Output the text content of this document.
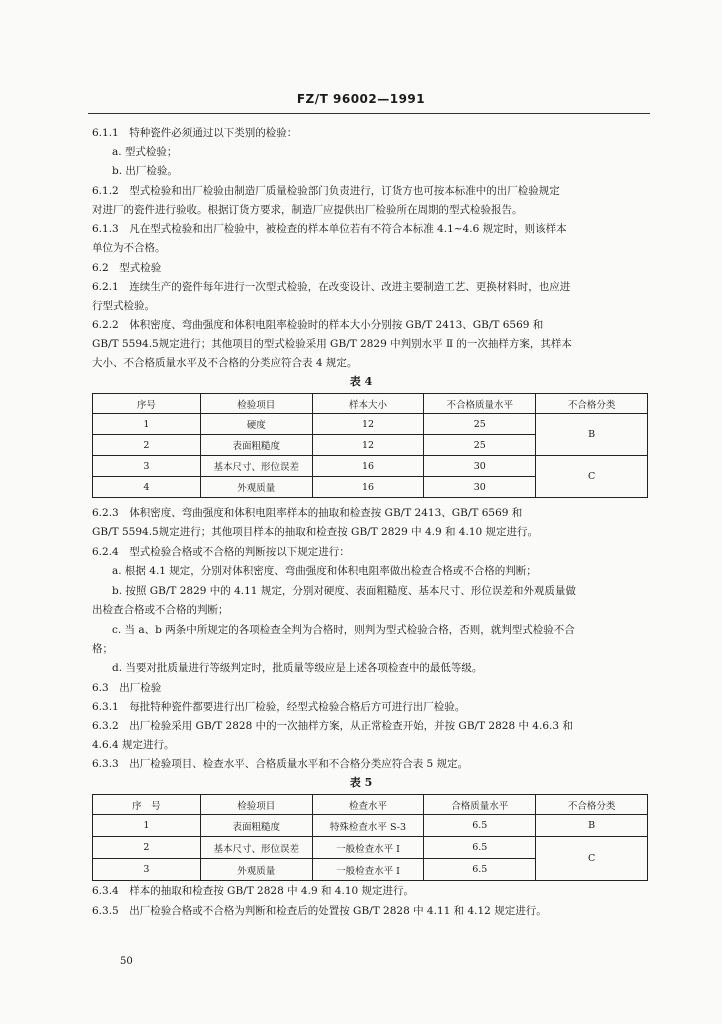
FZ/T 96002—1991
6.1.1　特种瓷件必须通过以下类别的检验：
a. 型式检验；
b. 出厂检验。
6.1.2　型式检验和出厂检验由制造厂质量检验部门负责进行，订货方也可按本标准中的出厂检验规定
对进厂的瓷件进行验收。根据订货方要求，制造厂应提供出厂检验所在周期的型式检验报告。
6.1.3　凡在型式检验和出厂检验中，被检查的样本单位若有不符合本标准 4.1~4.6 规定时，则该样本
单位为不合格。
6.2　型式检验
6.2.1　连续生产的瓷件每年进行一次型式检验，在改变设计、改进主要制造工艺、更换材料时，也应进
行型式检验。
6.2.2　体积密度、弯曲强度和体积电阻率检验时的样本大小分别按 GB/T 2413、GB/T 6569 和
GB/T 5594.5规定进行；其他项目的型式检验采用 GB/T 2829 中判别水平 Ⅱ 的一次抽样方案，其样本
大小、不合格质量水平及不合格的分类应符合表 4 规定。
表 4
序号	检验项目	样本大小	不合格质量水平	不合格分类
1	硬度	12	25	B
2	表面粗糙度	12	25	
3	基本尺寸、形位误差	16	30	C
4	外观质量	16	30	
6.2.3　体积密度、弯曲强度和体积电阻率样本的抽取和检查按 GB/T 2413、GB/T 6569 和
GB/T 5594.5规定进行；其他项目样本的抽取和检查按 GB/T 2829 中 4.9 和 4.10 规定进行。
6.2.4　型式检验合格或不合格的判断按以下规定进行：
a. 根据 4.1 规定，分别对体积密度、弯曲强度和体积电阻率做出检查合格或不合格的判断；
b. 按照 GB/T 2829 中的 4.11 规定，分别对硬度、表面粗糙度、基本尺寸、形位误差和外观质量做
出检查合格或不合格的判断；
c. 当 a、b 两条中所规定的各项检查全判为合格时，则判为型式检验合格，否则，就判型式检验不合
格；
d. 当要对批质量进行等级判定时，批质量等级应是上述各项检查中的最低等级。
6.3　出厂检验
6.3.1　每批特种瓷件都要进行出厂检验，经型式检验合格后方可进行出厂检验。
6.3.2　出厂检验采用 GB/T 2828 中的一次抽样方案，从正常检查开始，并按 GB/T 2828 中 4.6.3 和
4.6.4 规定进行。
6.3.3　出厂检验项目、检查水平、合格质量水平和不合格分类应符合表 5 规定。
表 5
序　号	检验项目	检查水平	合格质量水平	不合格分类
1	表面粗糙度	特殊检查水平 S-3	6.5	B
2	基本尺寸、形位误差	一般检查水平 Ⅰ	6.5	C
3	外观质量	一般检查水平 Ⅰ	6.5	
6.3.4　样本的抽取和检查按 GB/T 2828 中 4.9 和 4.10 规定进行。
6.3.5　出厂检验合格或不合格为判断和检查后的处置按 GB/T 2828 中 4.11 和 4.12 规定进行。
50
